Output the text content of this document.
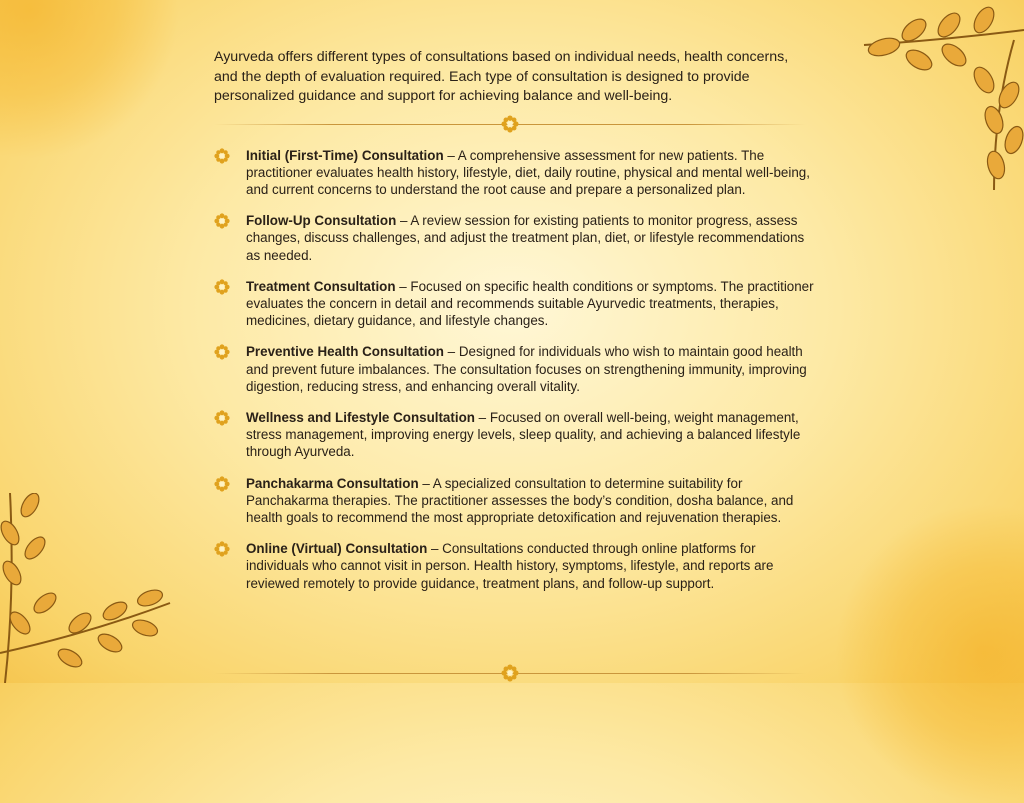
Ayurveda offers different types of consultations based on individual needs, health concerns, and the depth of evaluation required. Each type of consultation is designed to provide personalized guidance and support for achieving balance and well-being.

Initial (First-Time) Consultation – A comprehensive assessment for new patients. The practitioner evaluates health history, lifestyle, diet, daily routine, physical and mental well-being, and current concerns to understand the root cause and prepare a personalized plan.
Follow-Up Consultation – A review session for existing patients to monitor progress, assess changes, discuss challenges, and adjust the treatment plan, diet, or lifestyle recommendations as needed.
Treatment Consultation – Focused on specific health conditions or symptoms. The practitioner evaluates the concern in detail and recommends suitable Ayurvedic treatments, therapies, medicines, dietary guidance, and lifestyle changes.
Preventive Health Consultation – Designed for individuals who wish to maintain good health and prevent future imbalances. The consultation focuses on strengthening immunity, improving digestion, reducing stress, and enhancing overall vitality.
Wellness and Lifestyle Consultation – Focused on overall well-being, weight management, stress management, improving energy levels, sleep quality, and achieving a balanced lifestyle through Ayurveda.
Panchakarma Consultation – A specialized consultation to determine suitability for Panchakarma therapies. The practitioner assesses the body’s condition, dosha balance, and health goals to recommend the most appropriate detoxification and rejuvenation therapies.
Online (Virtual) Consultation – Consultations conducted through online platforms for individuals who cannot visit in person. Health history, symptoms, lifestyle, and reports are reviewed remotely to provide guidance, treatment plans, and follow-up support.
